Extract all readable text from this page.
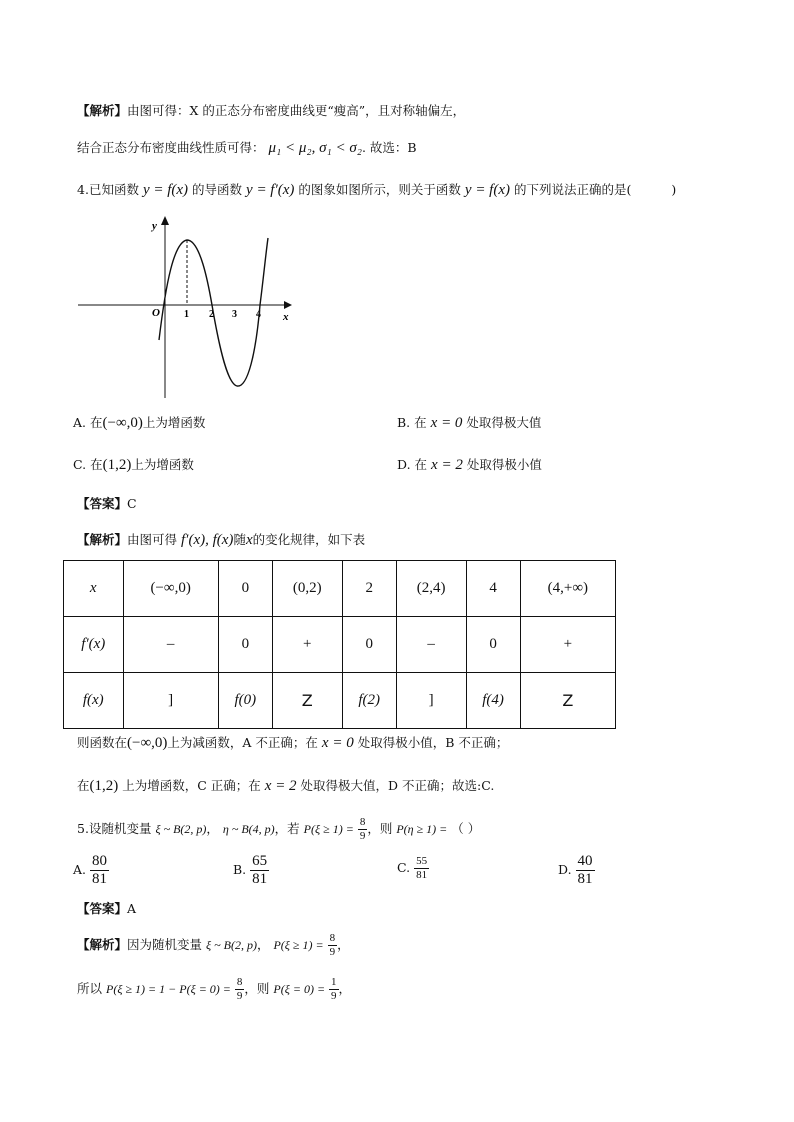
【解析】由图可得：X 的正态分布密度曲线更“瘦高”，且对称轴偏左，
结合正态分布密度曲线性质可得： μ₁ < μ₂, σ₁ < σ₂. 故选：B
4.已知函数 y = f(x) 的导函数 y = f′(x) 的图象如图所示，则关于函数 y = f(x) 的下列说法正确的是(	)
y
x
O 1 2 3 4
A. 在(−∞,0)上为增函数	B. 在 x = 0 处取得极大值
C. 在(1,2)上为增函数	D. 在 x = 2 处取得极小值
【答案】C
【解析】由图可得 f′(x), f(x)随x的变化规律，如下表
x	(−∞,0)	0	(0,2)	2	(2,4)	4	(4,+∞)
f′(x)	–	0	+	0	–	0	+
f(x)	]	f(0)	Z	f(2)	]	f(4)	Z
则函数在(−∞,0)上为减函数，A 不正确；在 x = 0 处取得极小值，B 不正确；
在(1,2) 上为增函数，C 正确；在 x = 2 处取得极大值，D 不正确；故选:C.
5.设随机变量 ξ ~ B(2, p)， η ~ B(4, p)，若 $P(\xi \ge 1) = \frac{8}{9}$ ，则 P(η ≥ 1) = （ ）
A. $\frac{80}{81}$	B. $\frac{65}{81}$	C. $\frac{55}{81}$	D. $\frac{40}{81}$
【答案】A
【解析】因为随机变量 ξ ~ B(2, p)， $P(\xi \ge 1) = \frac{8}{9}$ ，
所以 $P(\xi \ge 1) = 1 - P(\xi = 0) = \frac{8}{9}$ ，则 $P(\xi = 0) = \frac{1}{9}$ ，
